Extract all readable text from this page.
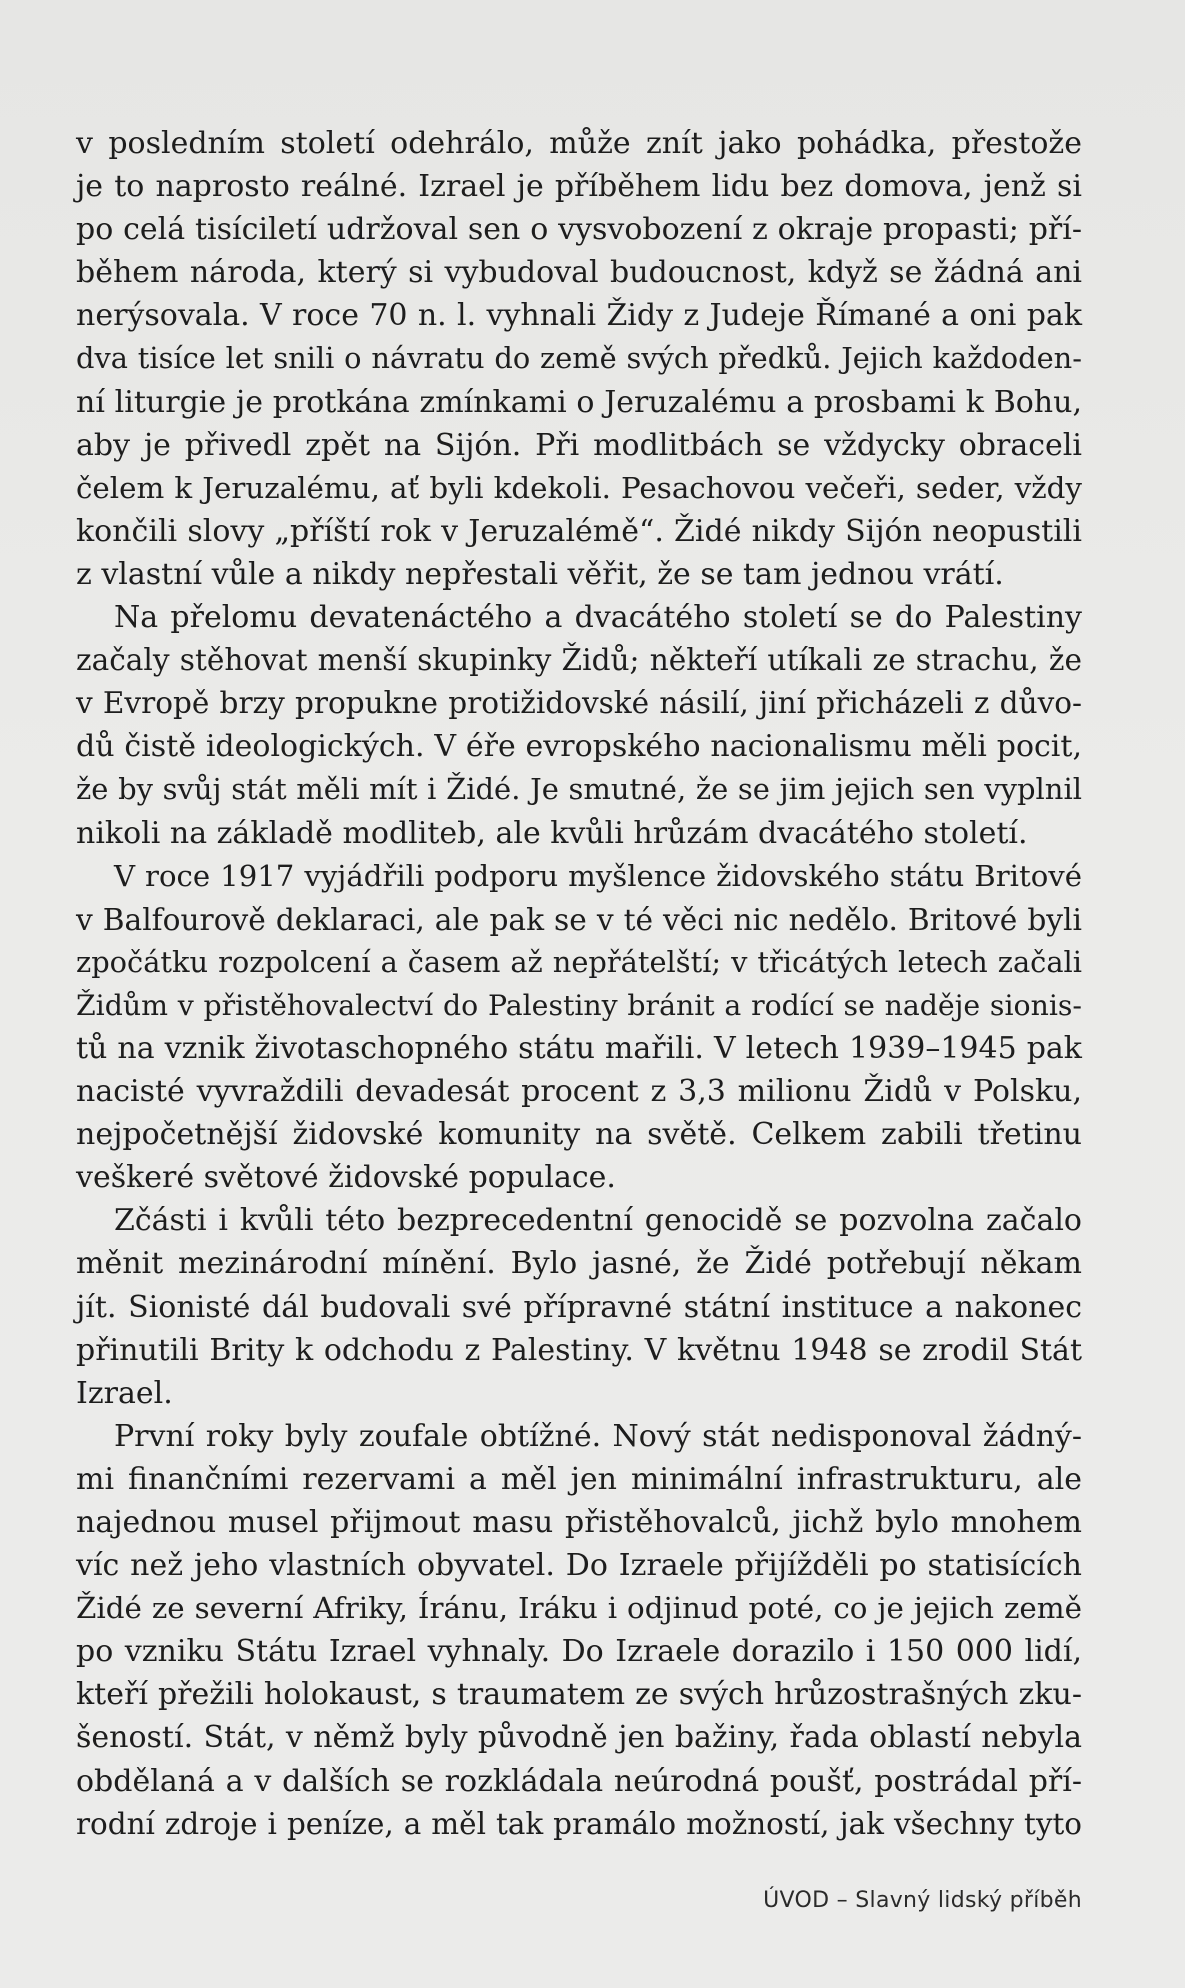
v posledním století odehrálo, může znít jako pohádka, přestože
je to naprosto reálné. Izrael je příběhem lidu bez domova, jenž si
po celá tisíciletí udržoval sen o vysvobození z okraje propasti; pří-
během národa, který si vybudoval budoucnost, když se žádná ani
nerýsovala. V roce 70 n. l. vyhnali Židy z Judeje Římané a oni pak
dva tisíce let snili o návratu do země svých předků. Jejich každoden-
ní liturgie je protkána zmínkami o Jeruzalému a prosbami k Bohu,
aby je přivedl zpět na Sijón. Při modlitbách se vždycky obraceli
čelem k Jeruzalému, ať byli kdekoli. Pesachovou večeři, seder, vždy
končili slovy „příští rok v Jeruzalémě“. Židé nikdy Sijón neopustili
z vlastní vůle a nikdy nepřestali věřit, že se tam jednou vrátí.
Na přelomu devatenáctého a dvacátého století se do Palestiny
začaly stěhovat menší skupinky Židů; někteří utíkali ze strachu, že
v Evropě brzy propukne protižidovské násilí, jiní přicházeli z důvo-
dů čistě ideologických. V éře evropského nacionalismu měli pocit,
že by svůj stát měli mít i Židé. Je smutné, že se jim jejich sen vyplnil
nikoli na základě modliteb, ale kvůli hrůzám dvacátého století.
V roce 1917 vyjádřili podporu myšlence židovského státu Britové
v Balfourově deklaraci, ale pak se v té věci nic nedělo. Britové byli
zpočátku rozpolcení a časem až nepřátelští; v třicátých letech začali
Židům v přistěhovalectví do Palestiny bránit a rodící se naděje sionis-
tů na vznik životaschopného státu mařili. V letech 1939–1945 pak
nacisté vyvraždili devadesát procent z 3,3 milionu Židů v Polsku,
nejpočetnější židovské komunity na světě. Celkem zabili třetinu
veškeré světové židovské populace.
Zčásti i kvůli této bezprecedentní genocidě se pozvolna začalo
měnit mezinárodní mínění. Bylo jasné, že Židé potřebují někam
jít. Sionisté dál budovali své přípravné státní instituce a nakonec
přinutili Brity k odchodu z Palestiny. V květnu 1948 se zrodil Stát
Izrael.
První roky byly zoufale obtížné. Nový stát nedisponoval žádný-
mi finančními rezervami a měl jen minimální infrastrukturu, ale
najednou musel přijmout masu přistěhovalců, jichž bylo mnohem
víc než jeho vlastních obyvatel. Do Izraele přijížděli po statisících
Židé ze severní Afriky, Íránu, Iráku i odjinud poté, co je jejich země
po vzniku Státu Izrael vyhnaly. Do Izraele dorazilo i 150 000 lidí,
kteří přežili holokaust, s traumatem ze svých hrůzostrašných zku-
šeností. Stát, v němž byly původně jen bažiny, řada oblastí nebyla
obdělaná a v dalších se rozkládala neúrodná poušť, postrádal pří-
rodní zdroje i peníze, a měl tak pramálo možností, jak všechny tyto
ÚVOD – Slavný lidský příběh
